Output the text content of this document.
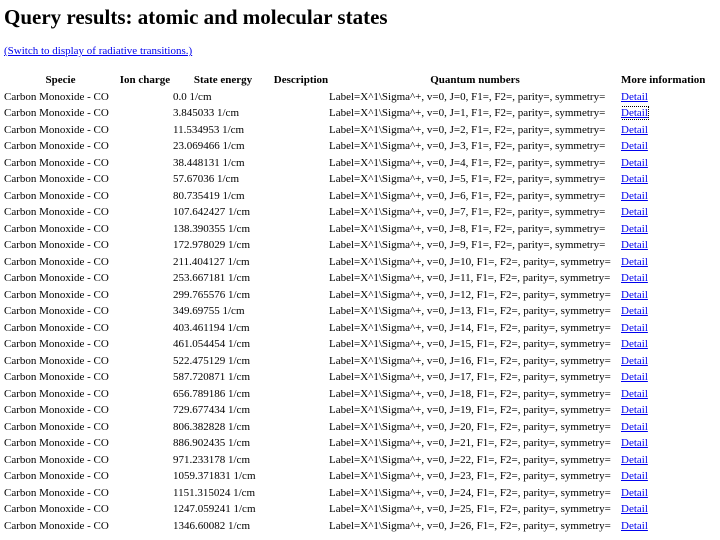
Query results: atomic and molecular states
(Switch to display of radiative transitions.)
Specie	Ion charge	State energy	Description	Quantum numbers	More information
Carbon Monoxide - CO		0.0 1/cm		Label=X^1\Sigma^+, v=0, J=0, F1=, F2=, parity=, symmetry=	Detail
Carbon Monoxide - CO		3.845033 1/cm		Label=X^1\Sigma^+, v=0, J=1, F1=, F2=, parity=, symmetry=	Detail
Carbon Monoxide - CO		11.534953 1/cm		Label=X^1\Sigma^+, v=0, J=2, F1=, F2=, parity=, symmetry=	Detail
Carbon Monoxide - CO		23.069466 1/cm		Label=X^1\Sigma^+, v=0, J=3, F1=, F2=, parity=, symmetry=	Detail
Carbon Monoxide - CO		38.448131 1/cm		Label=X^1\Sigma^+, v=0, J=4, F1=, F2=, parity=, symmetry=	Detail
Carbon Monoxide - CO		57.67036 1/cm		Label=X^1\Sigma^+, v=0, J=5, F1=, F2=, parity=, symmetry=	Detail
Carbon Monoxide - CO		80.735419 1/cm		Label=X^1\Sigma^+, v=0, J=6, F1=, F2=, parity=, symmetry=	Detail
Carbon Monoxide - CO		107.642427 1/cm		Label=X^1\Sigma^+, v=0, J=7, F1=, F2=, parity=, symmetry=	Detail
Carbon Monoxide - CO		138.390355 1/cm		Label=X^1\Sigma^+, v=0, J=8, F1=, F2=, parity=, symmetry=	Detail
Carbon Monoxide - CO		172.978029 1/cm		Label=X^1\Sigma^+, v=0, J=9, F1=, F2=, parity=, symmetry=	Detail
Carbon Monoxide - CO		211.404127 1/cm		Label=X^1\Sigma^+, v=0, J=10, F1=, F2=, parity=, symmetry=	Detail
Carbon Monoxide - CO		253.667181 1/cm		Label=X^1\Sigma^+, v=0, J=11, F1=, F2=, parity=, symmetry=	Detail
Carbon Monoxide - CO		299.765576 1/cm		Label=X^1\Sigma^+, v=0, J=12, F1=, F2=, parity=, symmetry=	Detail
Carbon Monoxide - CO		349.69755 1/cm		Label=X^1\Sigma^+, v=0, J=13, F1=, F2=, parity=, symmetry=	Detail
Carbon Monoxide - CO		403.461194 1/cm		Label=X^1\Sigma^+, v=0, J=14, F1=, F2=, parity=, symmetry=	Detail
Carbon Monoxide - CO		461.054454 1/cm		Label=X^1\Sigma^+, v=0, J=15, F1=, F2=, parity=, symmetry=	Detail
Carbon Monoxide - CO		522.475129 1/cm		Label=X^1\Sigma^+, v=0, J=16, F1=, F2=, parity=, symmetry=	Detail
Carbon Monoxide - CO		587.720871 1/cm		Label=X^1\Sigma^+, v=0, J=17, F1=, F2=, parity=, symmetry=	Detail
Carbon Monoxide - CO		656.789186 1/cm		Label=X^1\Sigma^+, v=0, J=18, F1=, F2=, parity=, symmetry=	Detail
Carbon Monoxide - CO		729.677434 1/cm		Label=X^1\Sigma^+, v=0, J=19, F1=, F2=, parity=, symmetry=	Detail
Carbon Monoxide - CO		806.382828 1/cm		Label=X^1\Sigma^+, v=0, J=20, F1=, F2=, parity=, symmetry=	Detail
Carbon Monoxide - CO		886.902435 1/cm		Label=X^1\Sigma^+, v=0, J=21, F1=, F2=, parity=, symmetry=	Detail
Carbon Monoxide - CO		971.233178 1/cm		Label=X^1\Sigma^+, v=0, J=22, F1=, F2=, parity=, symmetry=	Detail
Carbon Monoxide - CO		1059.371831 1/cm		Label=X^1\Sigma^+, v=0, J=23, F1=, F2=, parity=, symmetry=	Detail
Carbon Monoxide - CO		1151.315024 1/cm		Label=X^1\Sigma^+, v=0, J=24, F1=, F2=, parity=, symmetry=	Detail
Carbon Monoxide - CO		1247.059241 1/cm		Label=X^1\Sigma^+, v=0, J=25, F1=, F2=, parity=, symmetry=	Detail
Carbon Monoxide - CO		1346.60082 1/cm		Label=X^1\Sigma^+, v=0, J=26, F1=, F2=, parity=, symmetry=	Detail
